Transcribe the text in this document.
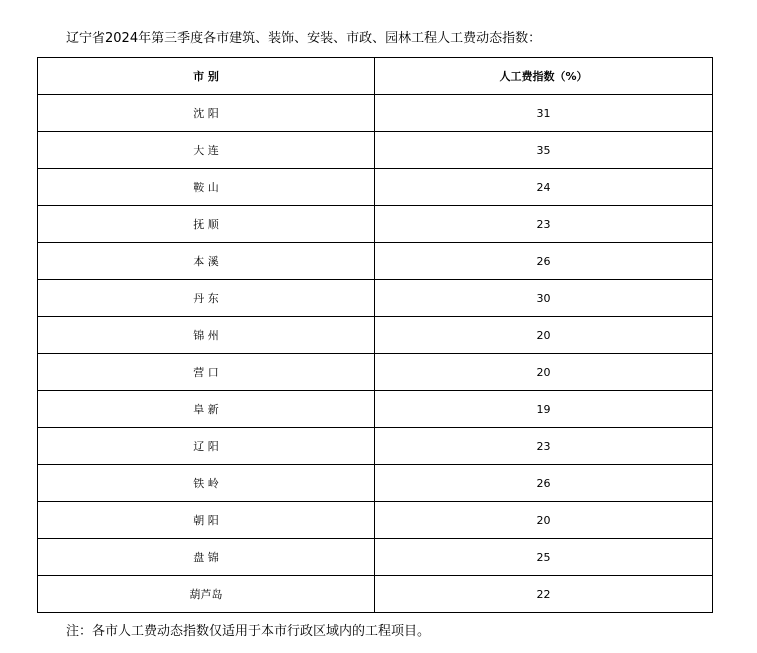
辽宁省2024年第三季度各市建筑、装饰、安装、市政、园林工程人工费动态指数：
市 别	人工费指数（%）
沈 阳	31
大 连	35
鞍 山	24
抚 顺	23
本 溪	26
丹 东	30
锦 州	20
营 口	20
阜 新	19
辽 阳	23
铁 岭	26
朝 阳	20
盘 锦	25
葫芦岛	22
注：各市人工费动态指数仅适用于本市行政区域内的工程项目。
